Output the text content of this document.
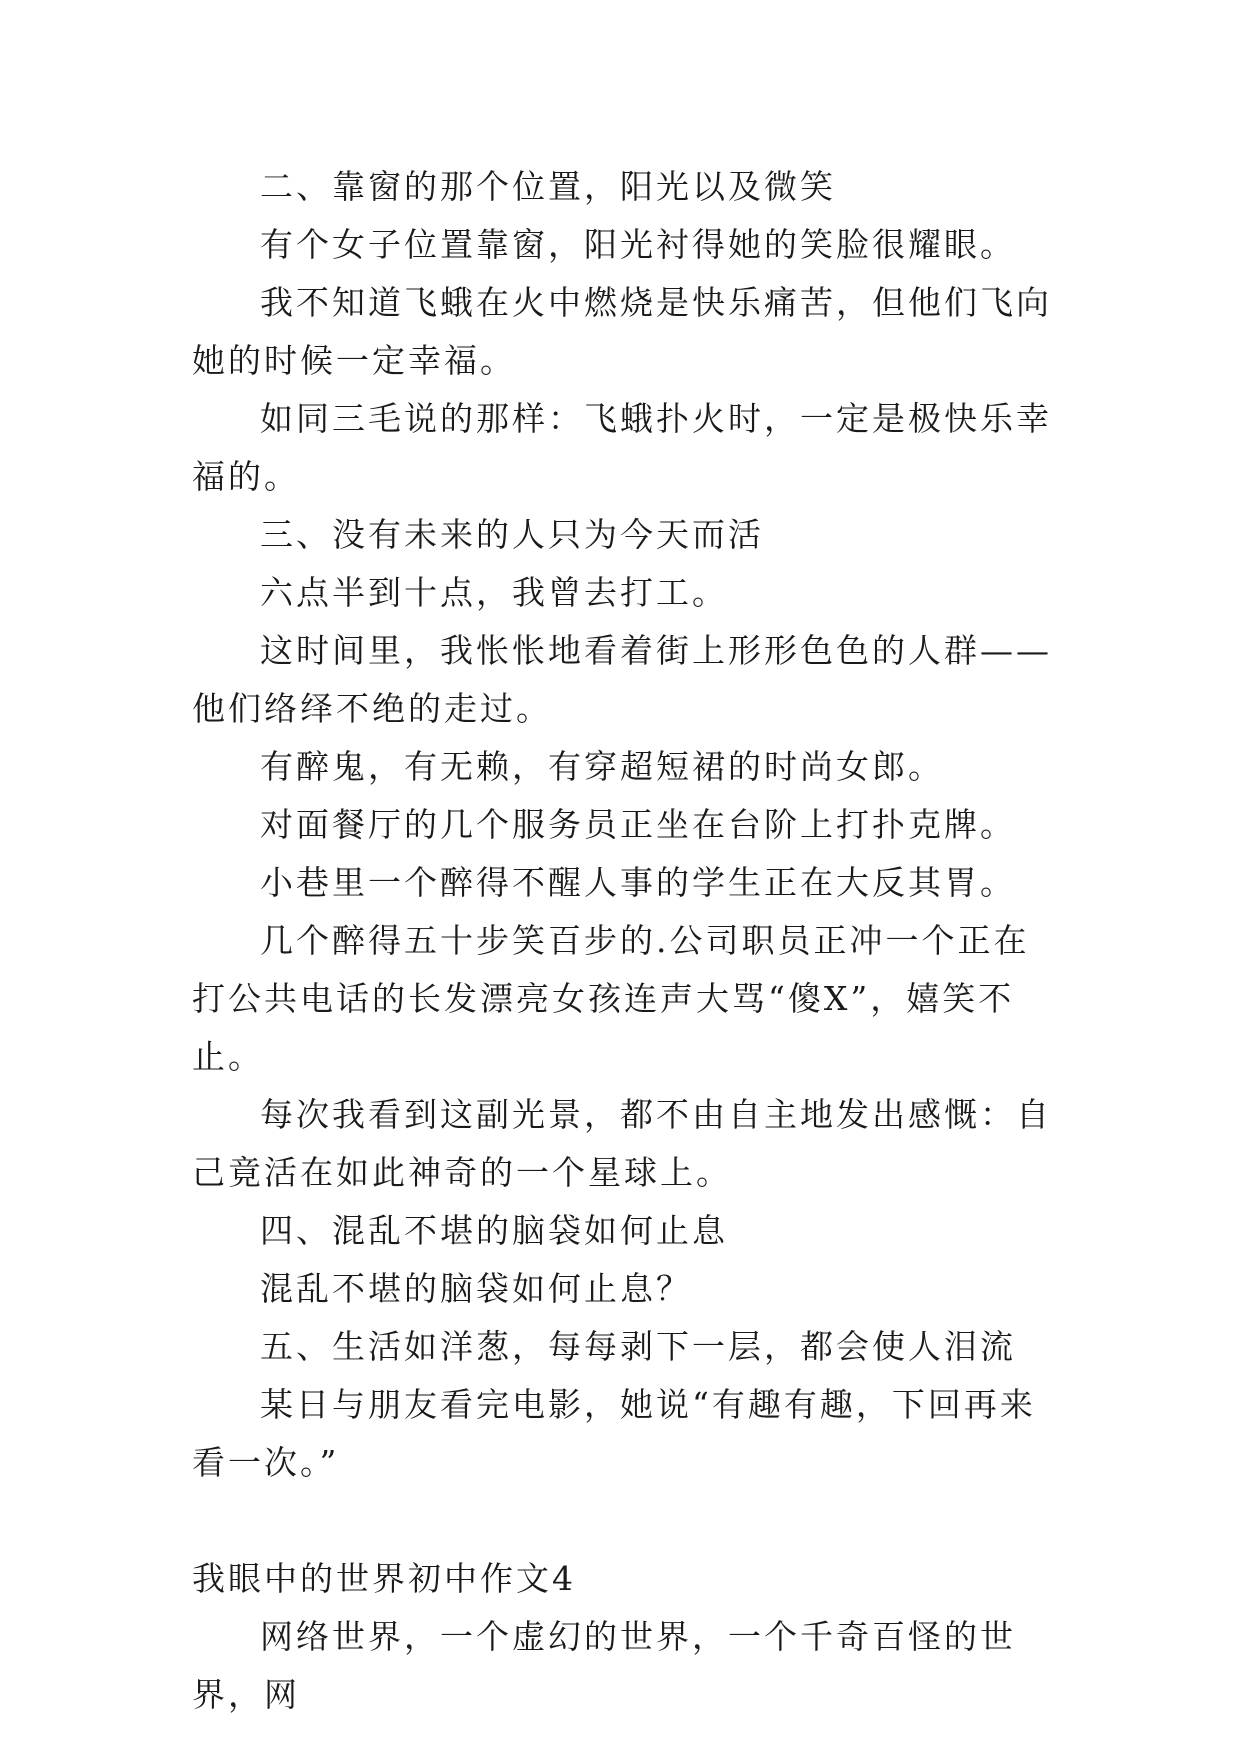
二、靠窗的那个位置，阳光以及微笑

有个女子位置靠窗，阳光衬得她的笑脸很耀眼。

我不知道飞蛾在火中燃烧是快乐痛苦，但他们飞向她的时候一定幸福。

如同三毛说的那样：飞蛾扑火时，一定是极快乐幸福的。

三、没有未来的人只为今天而活

六点半到十点，我曾去打工。

这时间里，我怅怅地看着街上形形色色的人群——他们络绎不绝的走过。

有醉鬼，有无赖，有穿超短裙的时尚女郎。

对面餐厅的几个服务员正坐在台阶上打扑克牌。

小巷里一个醉得不醒人事的学生正在大反其胃。

几个醉得五十步笑百步的.公司职员正冲一个正在打公共电话的长发漂亮女孩连声大骂“傻X”，嬉笑不止。

每次我看到这副光景，都不由自主地发出感慨：自己竟活在如此神奇的一个星球上。

四、混乱不堪的脑袋如何止息

混乱不堪的脑袋如何止息？

五、生活如洋葱，每每剥下一层，都会使人泪流

某日与朋友看完电影，她说“有趣有趣，下回再来看一次。”

我眼中的世界初中作文4

网络世界，一个虚幻的世界，一个千奇百怪的世界，网
